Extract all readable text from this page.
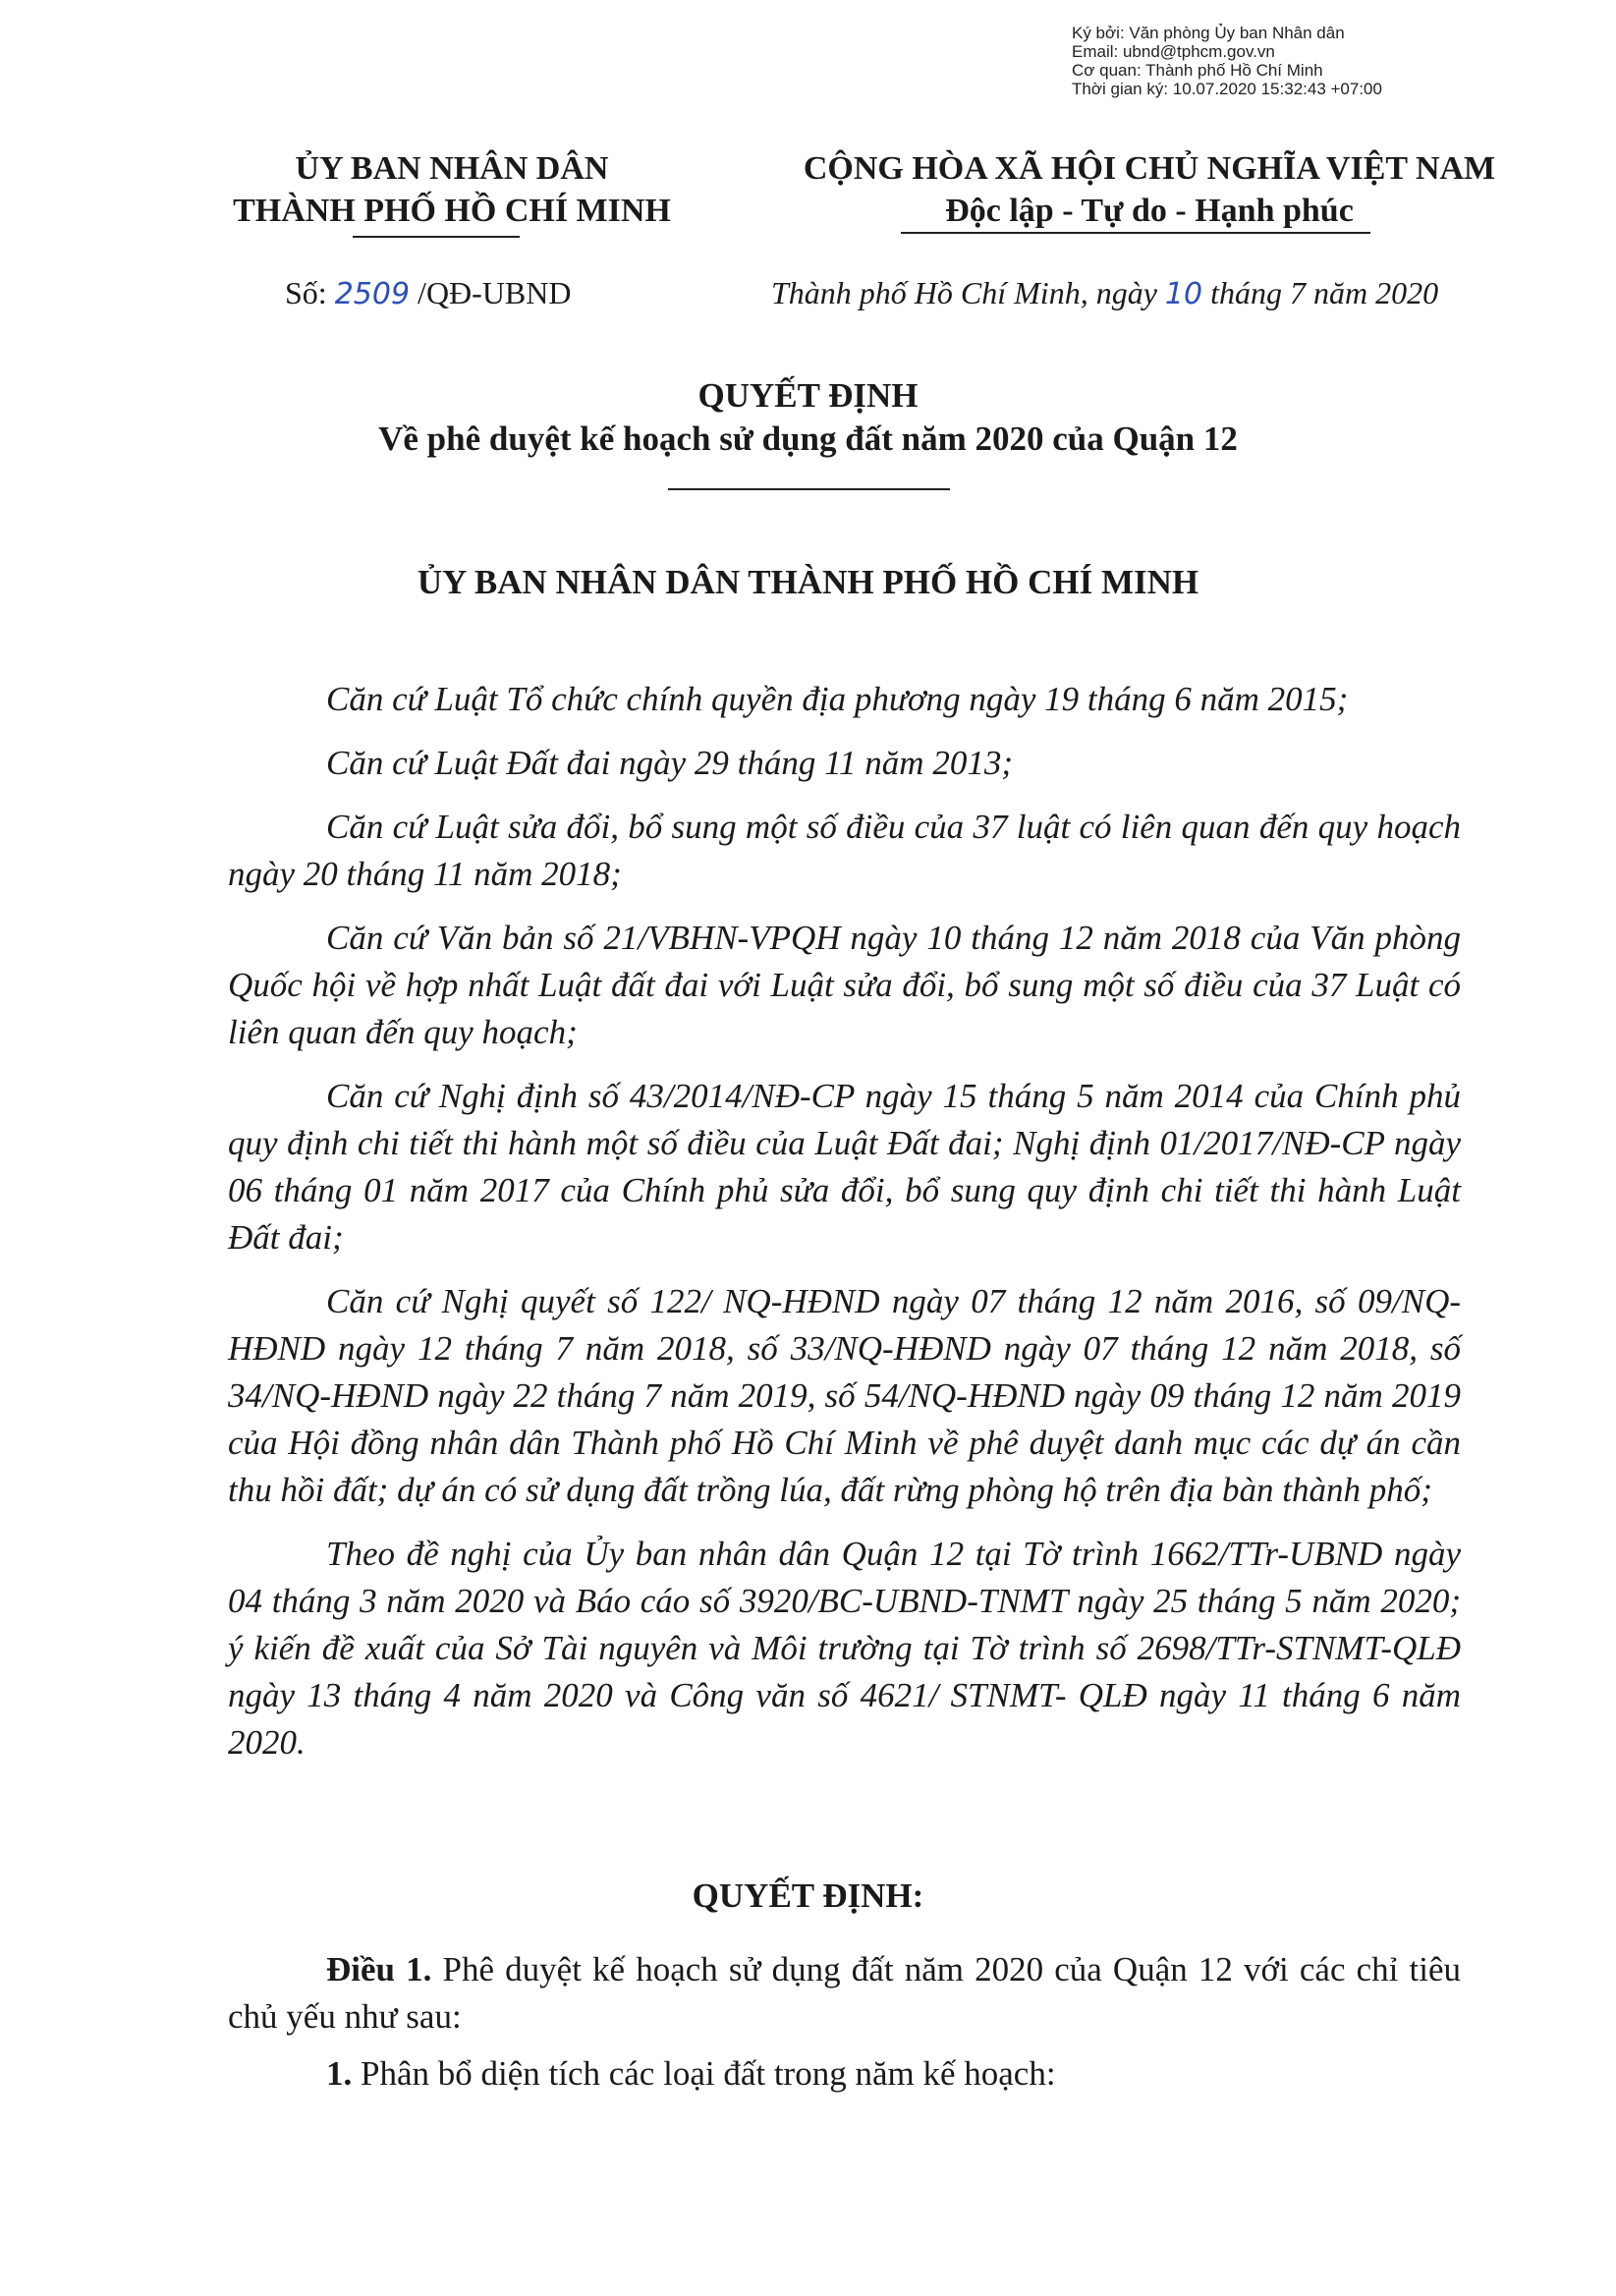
Ký bởi: Văn phòng Ủy ban Nhân dân
Email: ubnd@tphcm.gov.vn
Cơ quan: Thành phố Hồ Chí Minh
Thời gian ký: 10.07.2020 15:32:43 +07:00
ỦY BAN NHÂN DÂN
THÀNH PHỐ HỒ CHÍ MINH
CỘNG HÒA XÃ HỘI CHỦ NGHĨA VIỆT NAM
Độc lập - Tự do - Hạnh phúc
Số: 2509 /QĐ-UBND	Thành phố Hồ Chí Minh, ngày 10 tháng 7 năm 2020
QUYẾT ĐỊNH
Về phê duyệt kế hoạch sử dụng đất năm 2020 của Quận 12
ỦY BAN NHÂN DÂN THÀNH PHỐ HỒ CHÍ MINH

Căn cứ Luật Tổ chức chính quyền địa phương ngày 19 tháng 6 năm 2015;

Căn cứ Luật Đất đai ngày 29 tháng 11 năm 2013;

Căn cứ Luật sửa đổi, bổ sung một số điều của 37 luật có liên quan đến quy hoạch ngày 20 tháng 11 năm 2018;

Căn cứ Văn bản số 21/VBHN-VPQH ngày 10 tháng 12 năm 2018 của Văn phòng Quốc hội về hợp nhất Luật đất đai với Luật sửa đổi, bổ sung một số điều của 37 Luật có liên quan đến quy hoạch;

Căn cứ Nghị định số 43/2014/NĐ-CP ngày 15 tháng 5 năm 2014 của Chính phủ quy định chi tiết thi hành một số điều của Luật Đất đai; Nghị định 01/2017/NĐ-CP ngày 06 tháng 01 năm 2017 của Chính phủ sửa đổi, bổ sung quy định chi tiết thi hành Luật Đất đai;

Căn cứ Nghị quyết số 122/ NQ-HĐND ngày 07 tháng 12 năm 2016, số 09/NQ-HĐND ngày 12 tháng 7 năm 2018, số 33/NQ-HĐND ngày 07 tháng 12 năm 2018, số 34/NQ-HĐND ngày 22 tháng 7 năm 2019, số 54/NQ-HĐND ngày 09 tháng 12 năm 2019 của Hội đồng nhân dân Thành phố Hồ Chí Minh về phê duyệt danh mục các dự án cần thu hồi đất; dự án có sử dụng đất trồng lúa, đất rừng phòng hộ trên địa bàn thành phố;

Theo đề nghị của Ủy ban nhân dân Quận 12 tại Tờ trình 1662/TTr-UBND ngày 04 tháng 3 năm 2020 và Báo cáo số 3920/BC-UBND-TNMT ngày 25 tháng 5 năm 2020; ý kiến đề xuất của Sở Tài nguyên và Môi trường tại Tờ trình số 2698/TTr-STNMT-QLĐ ngày 13 tháng 4 năm 2020 và Công văn số 4621/ STNMT- QLĐ ngày 11 tháng 6 năm 2020.

QUYẾT ĐỊNH:

Điều 1. Phê duyệt kế hoạch sử dụng đất năm 2020 của Quận 12 với các chỉ tiêu chủ yếu như sau:

1. Phân bổ diện tích các loại đất trong năm kế hoạch:
